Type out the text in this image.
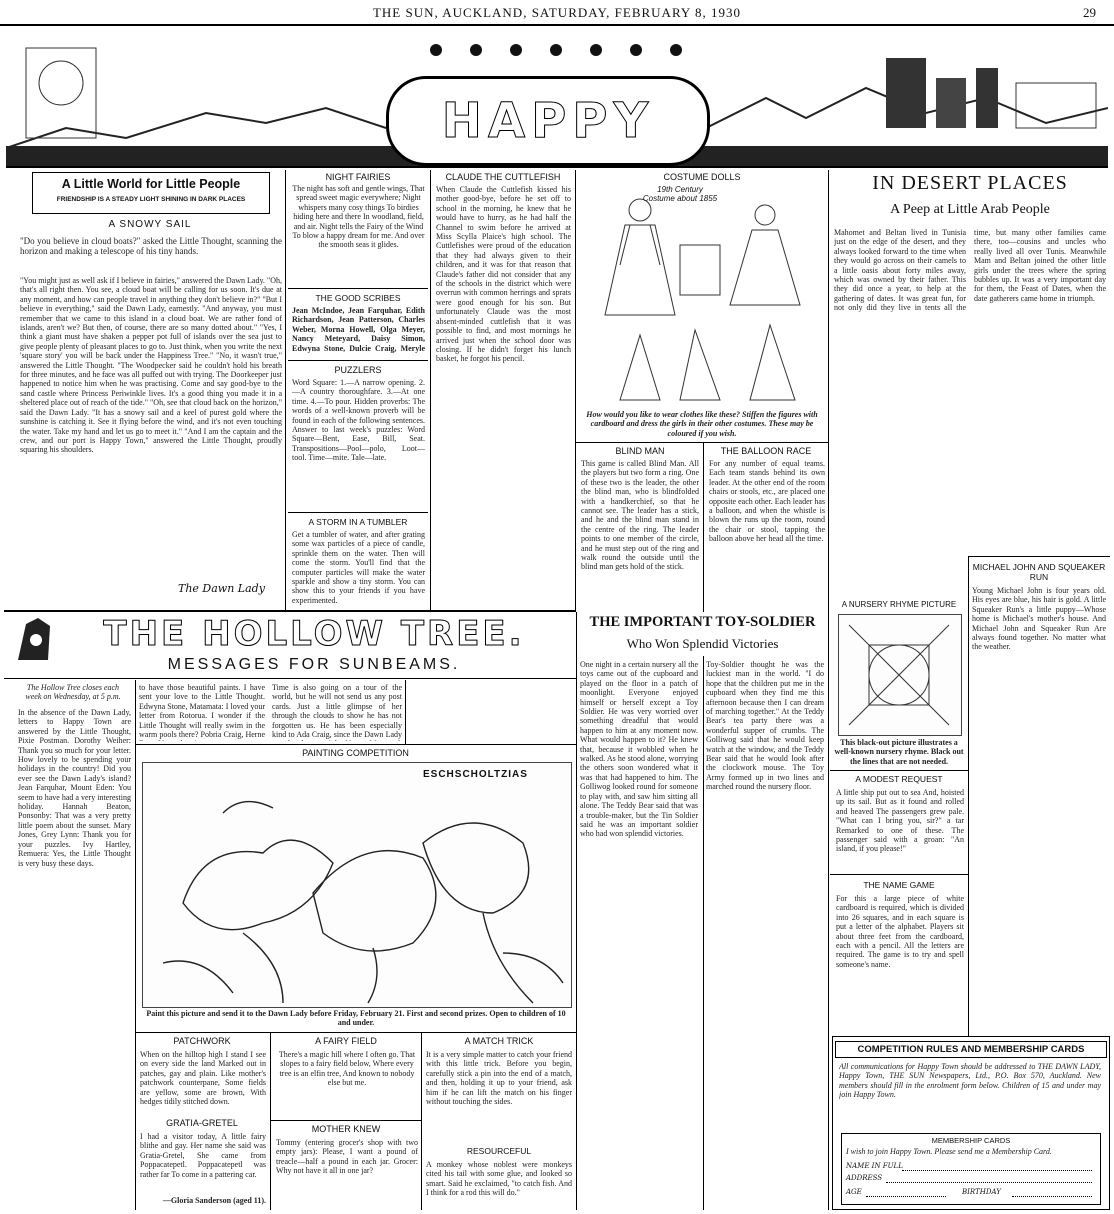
THE SUN, AUCKLAND, SATURDAY, FEBRUARY 8, 1930	29
HAPPY
A Little World for Little People
FRIENDSHIP IS A STEADY LIGHT SHINING IN DARK PLACES
A SNOWY SAIL
"Do you believe in cloud boats?" asked the Little Thought, scanning the horizon and making a telescope of his tiny hands.
"You might just as well ask if I believe in fairies," answered the Dawn Lady. "Oh, that's all right then. You see, a cloud boat will be calling for us soon. It's due at any moment, and how can people travel in anything they don't believe in?" "But I believe in everything," said the Dawn Lady, earnestly. "And anyway, you must remember that we came to this island in a cloud boat. We are rather fond of islands, aren't we? But then, of course, there are so many dotted about." "Yes, I think a giant must have shaken a pepper pot full of islands over the sea just to give people plenty of pleasant places to go to. Just think, when you write the next 'square story' you will be back under the Happiness Tree." "No, it wasn't true," answered the Little Thought. "The Woodpecker said he couldn't hold his breath for three minutes, and he face was all puffed out with trying. The Doorkeeper just happened to notice him when he was practising. Come and say good-bye to the sand castle where Princess Periwinkle lives. It's a good thing you made it in a sheltered place out of reach of the tide." "Oh, see that cloud back on the horizon," said the Dawn Lady. "It has a snowy sail and a keel of purest gold where the sunshine is catching it. See it flying before the wind, and it's not even touching the water. Take my hand and let us go to meet it." "And I am the captain and the crew, and our port is Happy Town," answered the Little Thought, proudly squaring his shoulders.
The Dawn Lady
NIGHT FAIRIES
The night has soft and gentle wings, That spread sweet magic everywhere; Night whispers many cosy things To birdies hiding here and there In woodland, field, and air. Night tells the Fairy of the Wind To blow a happy dream for me. And over the smooth seas it glides.
THE GOOD SCRIBES
Jean McIndoe, Jean Farquhar, Edith Richardson, Jean Patterson, Charles Weber, Morna Howell, Olga Meyer, Nancy Meteyard, Daisy Simon, Edwyna Stone, Dulcie Craig, Meryle
PUZZLERS
Word Square: 1.—A narrow opening. 2.—A country thoroughfare. 3.—At one time. 4.—To pour. Hidden proverbs: The words of a well-known proverb will be found in each of the following sentences. Answer to last week's puzzles: Word Square—Bent, Ease, Bill, Seat. Transpositions—Pool—polo, Loot—tool. Time—mite. Tale—late.
A STORM IN A TUMBLER
Get a tumbler of water, and after grating some wax particles of a piece of candle, sprinkle them on the water. Then will come the storm. You'll find that the computer particles will make the water sparkle and show a tiny storm. You can show this to your friends if you have experimented.
CLAUDE THE CUTTLEFISH
When Claude the Cuttlefish kissed his mother good-bye, before he set off to school in the morning, he knew that he would have to hurry, as he had half the Channel to swim before he arrived at Miss Scylla Plaice's high school. The Cuttlefishes were proud of the education that they had always given to their children, and it was for that reason that Claude's father did not consider that any of the schools in the district which were overrun with common herrings and sprats were good enough for his son. But unfortunately Claude was the most absent-minded cuttlefish that it was possible to find, and most mornings he arrived just when the school door was closing. If he didn't forget his lunch basket, he forgot his pencil.
COSTUME DOLLS
19th Century Costume about 1855
How would you like to wear clothes like these? Stiffen the figures with cardboard and dress the girls in their other costumes. These may be coloured if you wish.
BLIND MAN
This game is called Blind Man. All the players but two form a ring. One of these two is the leader, the other the blind man, who is blindfolded with a handkerchief, so that he cannot see. The leader has a stick, and he and the blind man stand in the centre of the ring. The leader points to one member of the circle, and he must step out of the ring and walk round the outside until the blind man gets hold of the stick.
THE BALLOON RACE
For any number of equal teams. Each team stands behind its own leader. At the other end of the room chairs or stools, etc., are placed one opposite each other. Each leader has a balloon, and when the whistle is blown the runs up the room, round the chair or stool, tapping the balloon above her head all the time.
IN DESERT PLACES
A Peep at Little Arab People
Mahomet and Beltan lived in Tunisia just on the edge of the desert, and they always looked forward to the time when they would go across on their camels to a little oasis about forty miles away, which was owned by their father. This they did once a year, to help at the gathering of dates. It was great fun, for not only did they live in tents all the time, but many other families came there, too—cousins and uncles who really lived all over Tunis. Meanwhile Mam and Beltan joined the other little girls under the trees where the spring bubbles up. It was a very important day for them, the Feast of Dates, when the date gatherers came home in triumph.
MICHAEL JOHN AND SQUEAKER RUN
Young Michael John is four years old. His eyes are blue, his hair is gold. A little Squeaker Run's a little puppy—Whose home is Michael's mother's house. And Michael John and Squeaker Run Are always found together. No matter what the weather.
THE HOLLOW TREE.
MESSAGES FOR SUNBEAMS.
The Hollow Tree closes each week on Wednesday, at 5 p.m.
In the absence of the Dawn Lady, letters to Happy Town are answered by the Little Thought, Pixie Postman. Dorothy Weiher: Thank you so much for your letter. How lovely to be spending your holidays in the country! Did you ever see the Dawn Lady's island? Jean Farquhar, Mount Eden: You seem to have had a very interesting holiday. Hannah Beaton, Ponsonby: That was a very pretty little poem about the sunset. Mary Jones, Grey Lynn: Thank you for your puzzles. Ivy Hartley, Remuera: Yes, the Little Thought is very busy these days.
to have those beautiful paints. I have sent your love to the Little Thought. Edwyna Stone, Matamata: I loved your letter from Rotorua. I wonder if the Little Thought will really swim in the warm pools there? Pobria Craig, Herne
Time is also going on a tour of the world, but he will not send us any post cards. Just a little glimpse of her through the clouds to show he has not forgotten us. He has been especially kind to Ada Craig, since the Dawn Lady
PAINTING COMPETITION
ESCHSCHOLTZIAS
Paint this picture and send it to the Dawn Lady before Friday, February 21. First and second prizes. Open to children of 10 and under.
PATCHWORK
When on the hilltop high I stand I see on every side the land Marked out in patches, gay and plain. Like mother's patchwork counterpane, Some fields are yellow, some are brown, With hedges tidily stitched down.
GRATIA-GRETEL
I had a visitor today, A little fairy blithe and gay. Her name she said was Gratia-Gretel, She came from Poppacatepetl. Poppacatepetl was rather far To come in a pattering car.
—Gloria Sanderson (aged 11).
A FAIRY FIELD
There's a magic hill where I often go. That slopes to a fairy field below, Where every tree is an elfin tree, And known to nobody else but me.
MOTHER KNEW
Tommy (entering grocer's shop with two empty jars): Please, I want a pound of treacle—half a pound in each jar. Grocer: Why not have it all in one jar?
A MATCH TRICK
It is a very simple matter to catch your friend with this little trick. Before you begin, carefully stick a pin into the end of a match, and then, holding it up to your friend, ask him if he can lift the match on his finger without touching the sides.
RESOURCEFUL
A monkey whose noblest were monkeys cited his tail with some glue, and looked so smart. Said he exclaimed, "to catch fish. And I think for a rod this will do."
THE IMPORTANT TOY-SOLDIER
Who Won Splendid Victories
One night in a certain nursery all the toys came out of the cupboard and played on the floor in a patch of moonlight. Everyone enjoyed himself or herself except a Toy Soldier. He was very worried over something dreadful that would happen to him at any moment now. What would happen to it? He knew that, because it wobbled when he walked. As he stood alone, worrying the others soon wondered what it was that had happened to him. The Golliwog looked round for someone to play with, and saw him sitting all alone. The Teddy Bear said that was a trouble-maker, but the Tin Soldier said he was an important soldier who had won splendid victories.
Toy-Soldier thought he was the luckiest man in the world. "I do hope that the children put me in the cupboard when they find me this afternoon because then I can dream of marching together." At the Teddy Bear's tea party there was a wonderful supper of crumbs. The Golliwog said that he would keep watch at the window, and the Teddy Bear said that he would look after the clockwork mouse. The Toy Army formed up in two lines and marched round the nursery floor.
A NURSERY RHYME PICTURE
This black-out picture illustrates a well-known nursery rhyme. Black out the lines that are not needed.
A MODEST REQUEST
A little ship put out to sea And, hoisted up its sail. But as it found and rolled and heaved The passengers grew pale. "What can I bring you, sir?" a tar Remarked to one of these. The passenger said with a groan: "An island, if you please!"
THE NAME GAME
For this a large piece of white cardboard is required, which is divided into 26 squares, and in each square is put a letter of the alphabet. Players sit about three feet from the cardboard, each with a pencil. All the letters are required. The game is to try and spell someone's name.
COMPETITION RULES AND MEMBERSHIP CARDS
All communications for Happy Town should be addressed to THE DAWN LADY, Happy Town, THE SUN Newspapers, Ltd., P.O. Box 570, Auckland. New members should fill in the enrolment form below. Children of 15 and under may join Happy Town.
MEMBERSHIP CARDS
I wish to join Happy Town. Please send me a Membership Card.
NAME IN FULL
ADDRESS
AGE	BIRTHDAY
